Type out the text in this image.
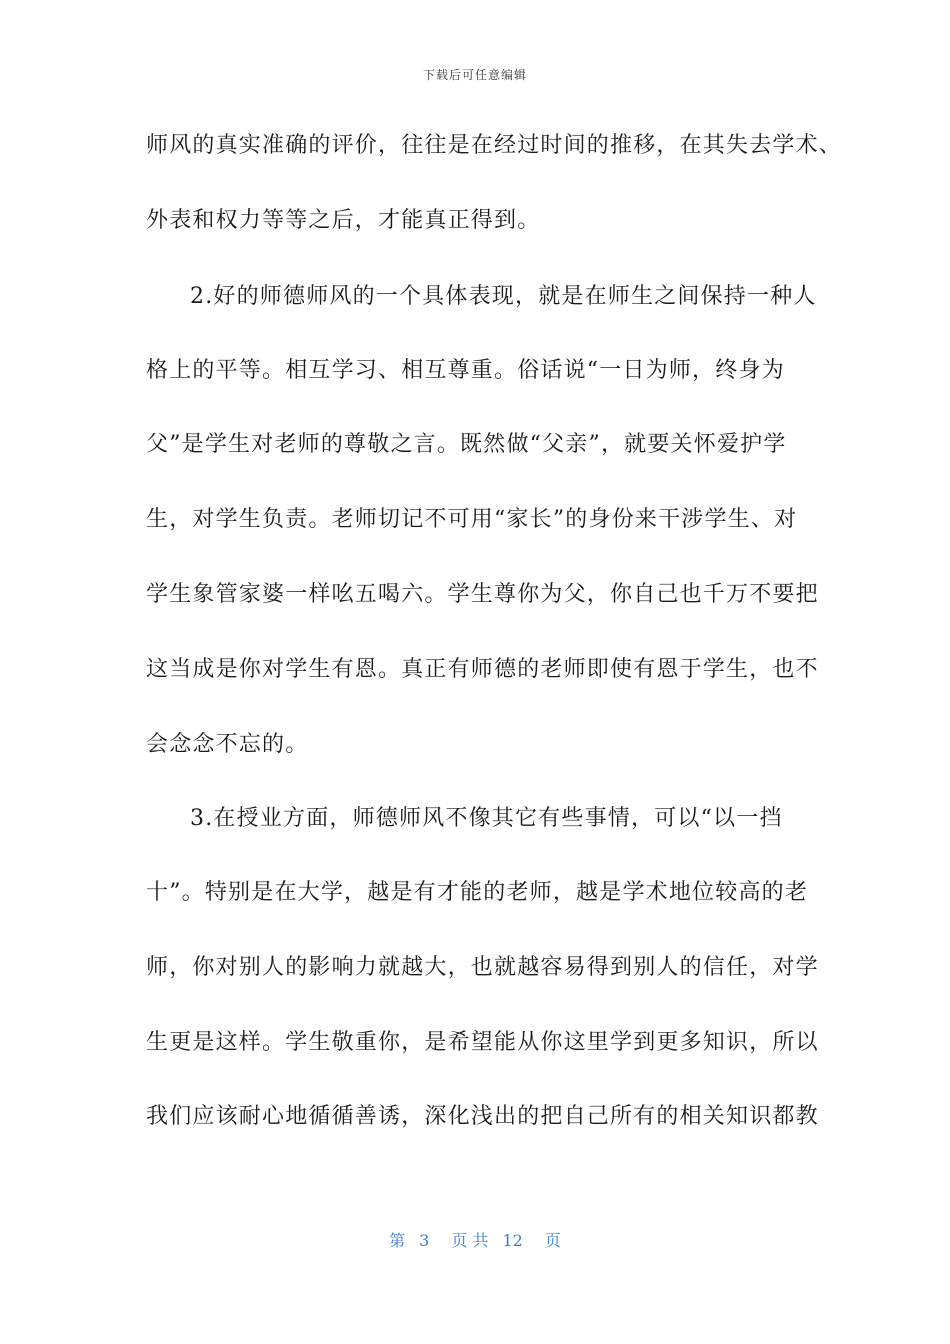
下载后可任意编辑
师风的真实准确的评价，往往是在经过时间的推移，在其失去学术、
外表和权力等等之后，才能真正得到。
2.好的师德师风的一个具体表现，就是在师生之间保持一种人
格上的平等。相互学习、相互尊重。俗话说“一日为师，终身为
父”是学生对老师的尊敬之言。既然做“父亲”，就要关怀爱护学
生，对学生负责。老师切记不可用“家长”的身份来干涉学生、对
学生象管家婆一样吆五喝六。学生尊你为父，你自己也千万不要把
这当成是你对学生有恩。真正有师德的老师即使有恩于学生，也不
会念念不忘的。
3.在授业方面，师德师风不像其它有些事情，可以“以一挡
十”。特别是在大学，越是有才能的老师，越是学术地位较高的老
师，你对别人的影响力就越大，也就越容易得到别人的信任，对学
生更是这样。学生敬重你，是希望能从你这里学到更多知识，所以
我们应该耐心地循循善诱，深化浅出的把自己所有的相关知识都教
第 3 页 共 12 页
